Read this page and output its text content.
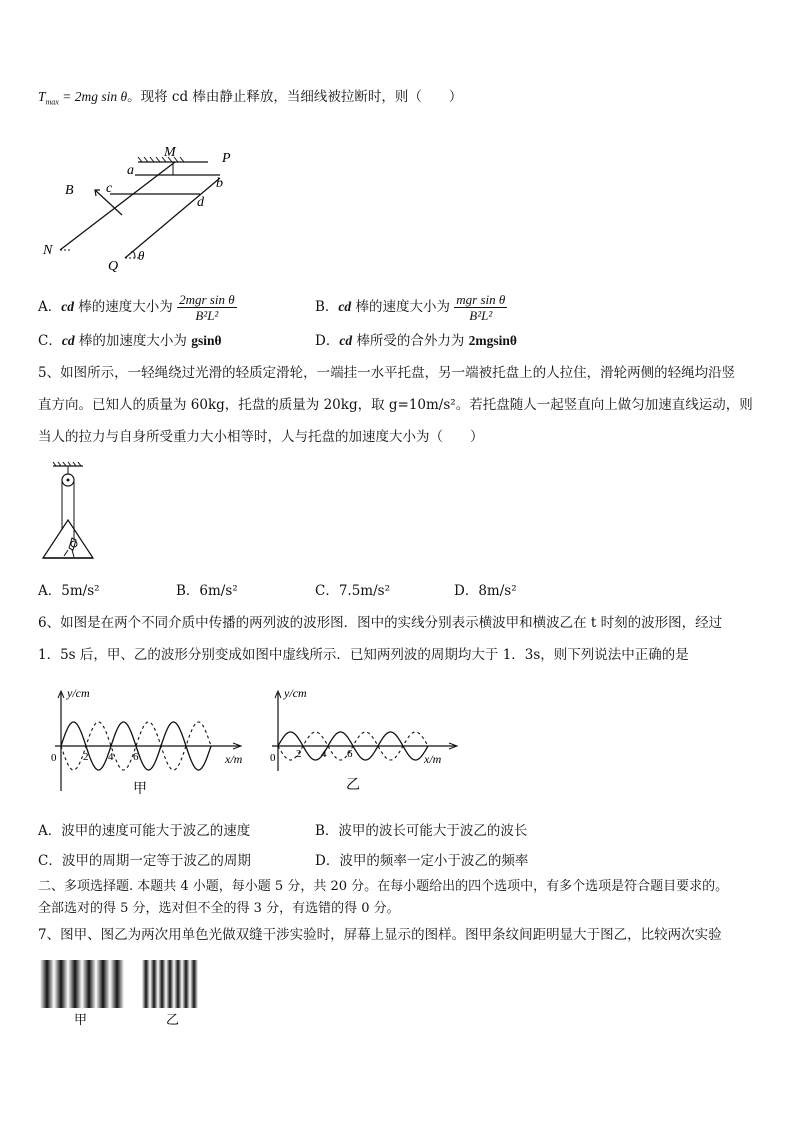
$T_{max} = 2mg$ sin θ。现将 cd 棒由静止释放，当细线被拉断时，则（　　）
M	P
a
b
B c
d
N
Q
θ
A．cd 棒的速度大小为 $\frac{\text{2mgr sin θ}}{\text{B²L²}}$	B．cd 棒的速度大小为 $\frac{\text{mgr sin θ}}{\text{B²L²}}$
C．cd 棒的加速度大小为 gsinθ	D．cd 棒所受的合外力为 2mgsinθ
5、如图所示，一轻绳绕过光滑的轻质定滑轮，一端挂一水平托盘，另一端被托盘上的人拉住，滑轮两侧的轻绳均沿竖
直方向。已知人的质量为 60kg，托盘的质量为 20kg，取 g=10m/s²。若托盘随人一起竖直向上做匀加速直线运动，则
当人的拉力与自身所受重力大小相等时，人与托盘的加速度大小为（　　）
A．5m/s²	B．6m/s²	C．7.5m/s²	D．8m/s²
6、如图是在两个不同介质中传播的两列波的波形图．图中的实线分别表示横波甲和横波乙在 t 时刻的波形图，经过
1．5s 后，甲、乙的波形分别变成如图中虚线所示．已知两列波的周期均大于 1．3s，则下列说法中正确的是
y/cm
x/m
0 2 4 6
甲
y/cm
x/m
0 2 4 6
乙
A．波甲的速度可能大于波乙的速度	B．波甲的波长可能大于波乙的波长
C．波甲的周期一定等于波乙的周期	D．波甲的频率一定小于波乙的频率
二、多项选择题. 本题共 4 小题，每小题 5 分，共 20 分。在每小题给出的四个选项中，有多个选项是符合题目要求的。
全部选对的得 5 分，选对但不全的得 3 分，有选错的得 0 分。
7、图甲、图乙为两次用单色光做双缝干涉实验时，屏幕上显示的图样。图甲条纹间距明显大于图乙，比较两次实验
甲	乙
